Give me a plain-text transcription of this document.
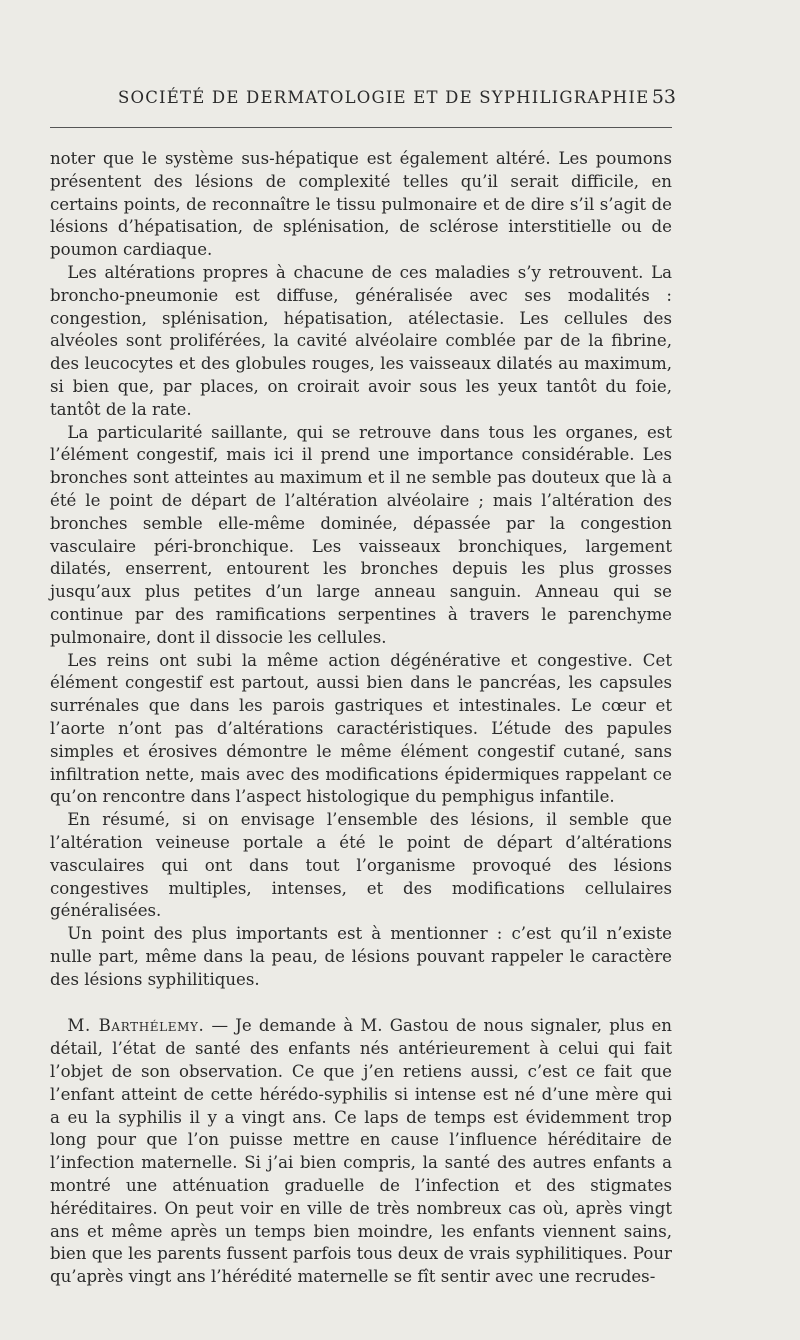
SOCIÉTÉ DE DERMATOLOGIE ET DE SYPHILIGRAPHIE 53

noter que le système sus-hépatique est également altéré. Les poumons présentent des lésions de complexité telles qu’il serait difficile, en certains points, de reconnaître le tissu pulmonaire et de dire s’il s’agit de lésions d’hépatisation, de splénisation, de sclérose interstitielle ou de poumon cardiaque.

Les altérations propres à chacune de ces maladies s’y retrouvent. La broncho-pneumonie est diffuse, généralisée avec ses modalités : congestion, splénisation, hépatisation, atélectasie. Les cellules des alvéoles sont proliférées, la cavité alvéolaire comblée par de la fibrine, des leucocytes et des globules rouges, les vaisseaux dilatés au maximum, si bien que, par places, on croirait avoir sous les yeux tantôt du foie, tantôt de la rate.

La particularité saillante, qui se retrouve dans tous les organes, est l’élément congestif, mais ici il prend une importance considérable. Les bronches sont atteintes au maximum et il ne semble pas douteux que là a été le point de départ de l’altération alvéolaire ; mais l’altération des bronches semble elle-même dominée, dépassée par la congestion vasculaire péri-bronchique. Les vaisseaux bronchiques, largement dilatés, enserrent, entourent les bronches depuis les plus grosses jusqu’aux plus petites d’un large anneau sanguin. Anneau qui se continue par des ramifications serpentines à travers le parenchyme pulmonaire, dont il dissocie les cellules.

Les reins ont subi la même action dégénérative et congestive. Cet élément congestif est partout, aussi bien dans le pancréas, les capsules surrénales que dans les parois gastriques et intestinales. Le cœur et l’aorte n’ont pas d’altérations caractéristiques. L’étude des papules simples et érosives démontre le même élément congestif cutané, sans infiltration nette, mais avec des modifications épidermiques rappelant ce qu’on rencontre dans l’aspect histologique du pemphigus infantile.

En résumé, si on envisage l’ensemble des lésions, il semble que l’altération veineuse portale a été le point de départ d’altérations vasculaires qui ont dans tout l’organisme provoqué des lésions congestives multiples, intenses, et des modifications cellulaires généralisées.

Un point des plus importants est à mentionner : c’est qu’il n’existe nulle part, même dans la peau, de lésions pouvant rappeler le caractère des lésions syphilitiques.

M. Barthélemy. — Je demande à M. Gastou de nous signaler, plus en détail, l’état de santé des enfants nés antérieurement à celui qui fait l’objet de son observation. Ce que j’en retiens aussi, c’est ce fait que l’enfant atteint de cette hérédo-syphilis si intense est né d’une mère qui a eu la syphilis il y a vingt ans. Ce laps de temps est évidemment trop long pour que l’on puisse mettre en cause l’influence héréditaire de l’infection maternelle. Si j’ai bien compris, la santé des autres enfants a montré une atténuation graduelle de l’infection et des stigmates héréditaires. On peut voir en ville de très nombreux cas où, après vingt ans et même après un temps bien moindre, les enfants viennent sains, bien que les parents fussent parfois tous deux de vrais syphilitiques. Pour qu’après vingt ans l’hérédité maternelle se fît sentir avec une recrudes-
